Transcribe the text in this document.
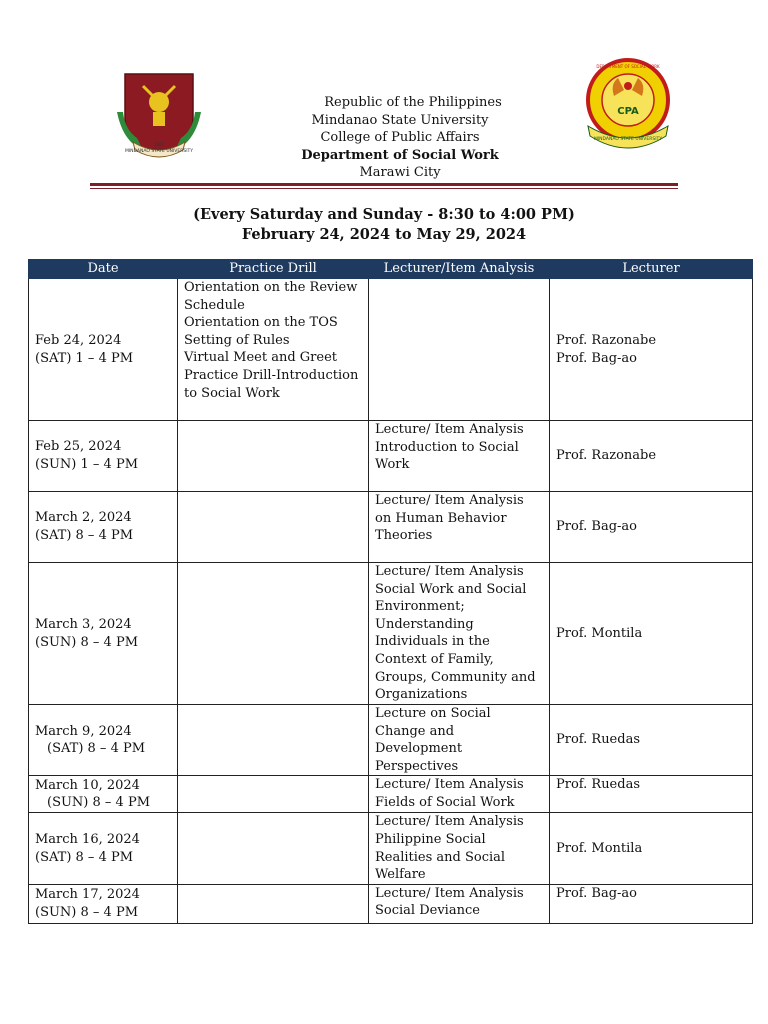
MINDANAO STATE UNIVERSITY
1961
CPA
MINDANAO STATE UNIVERSITY
DEPARTMENT OF SOCIAL WORK
Republic of the Philippines
Mindanao State University
College of Public Affairs
Department of Social Work
Marawi City
(Every Saturday and Sunday - 8:30 to 4:00 PM)
February 24, 2024 to May 29, 2024
Date	Practice Drill	Lecturer/Item Analysis	Lecturer

Feb 24, 2024
(SAT) 1 – 4 PM	Orientation on the Review Schedule
Orientation on the TOS
Setting of Rules
Virtual Meet and Greet
Practice Drill-Introduction to Social Work		Prof. Razonabe
Prof. Bag-ao

Feb 25, 2024
(SUN) 1 – 4 PM		Lecture/ Item Analysis Introduction to Social Work	Prof. Razonabe

March 2, 2024
(SAT) 8 – 4 PM		Lecture/ Item Analysis on Human Behavior Theories	Prof. Bag-ao

March 3, 2024
(SUN) 8 – 4 PM		Lecture/ Item Analysis Social Work and Social Environment; Understanding Individuals in the Context of Family, Groups, Community and Organizations	Prof. Montila

March 9, 2024
(SAT) 8 – 4 PM		Lecture on Social Change and Development Perspectives	Prof. Ruedas

March 10, 2024
(SUN) 8 – 4 PM		Lecture/ Item Analysis Fields of Social Work	Prof. Ruedas

March 16, 2024
(SAT) 8 – 4 PM		Lecture/ Item Analysis Philippine Social Realities and Social Welfare	Prof. Montila

March 17, 2024
(SUN) 8 – 4 PM		Lecture/ Item Analysis Social Deviance	Prof. Bag-ao
